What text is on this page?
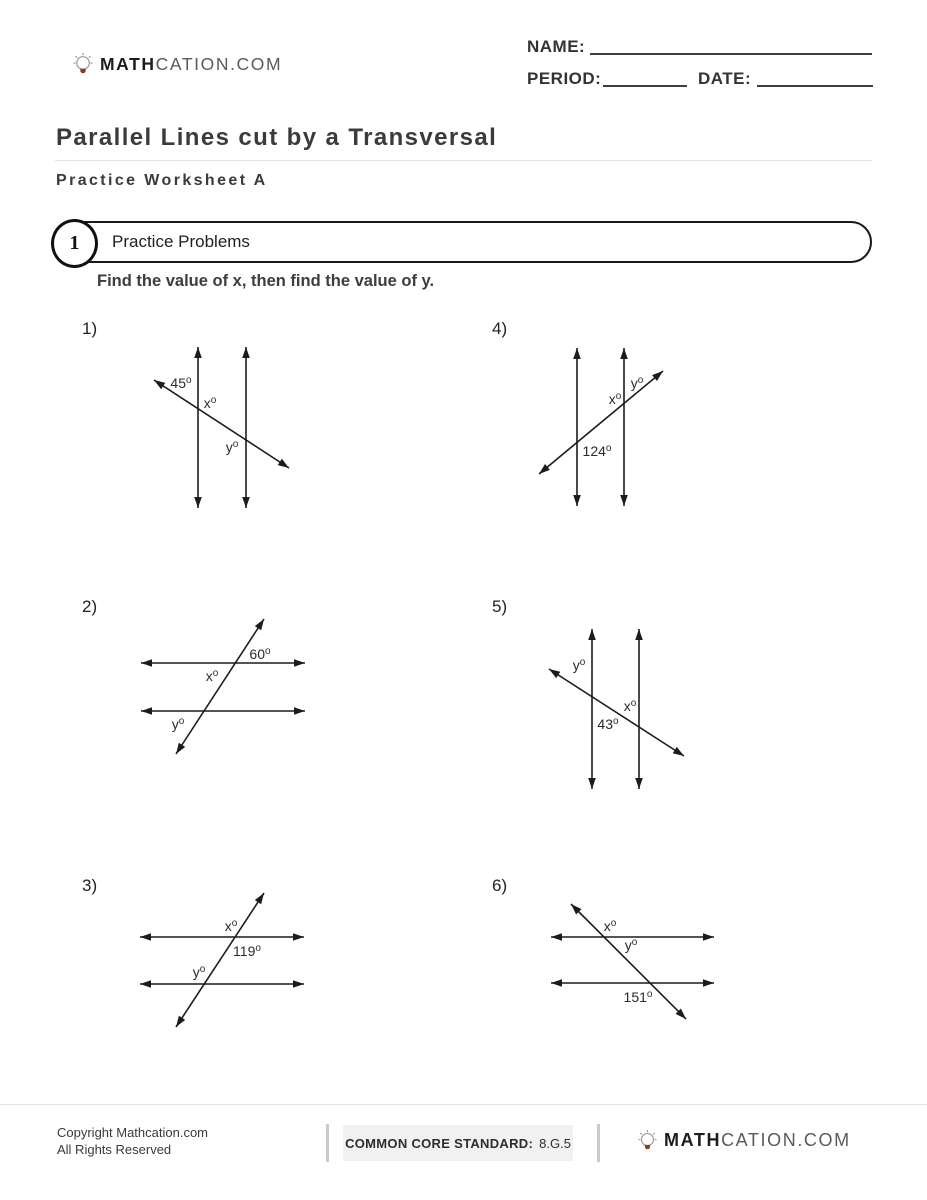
MATHCATION.COM
NAME:
PERIOD:	DATE:
Parallel Lines cut by a Transversal
Practice Worksheet A
Practice Problems
1
Find the value of x, then find the value of y.
1)
45$^o$
$x^o$
$y^o$
4)
$x^o$
$y^o$
124$^o$
2)
60$^o$
$x^o$
$y^o$
5)
$y^o$
$x^o$
43$^o$
3)
$x^o$
119$^o$
$y^o$
6)
$x^o$
$y^o$
151$^o$
Copyright Mathcation.com
All Rights Reserved	COMMON CORE STANDARD: 8.G.5	MATHCATION.COM
